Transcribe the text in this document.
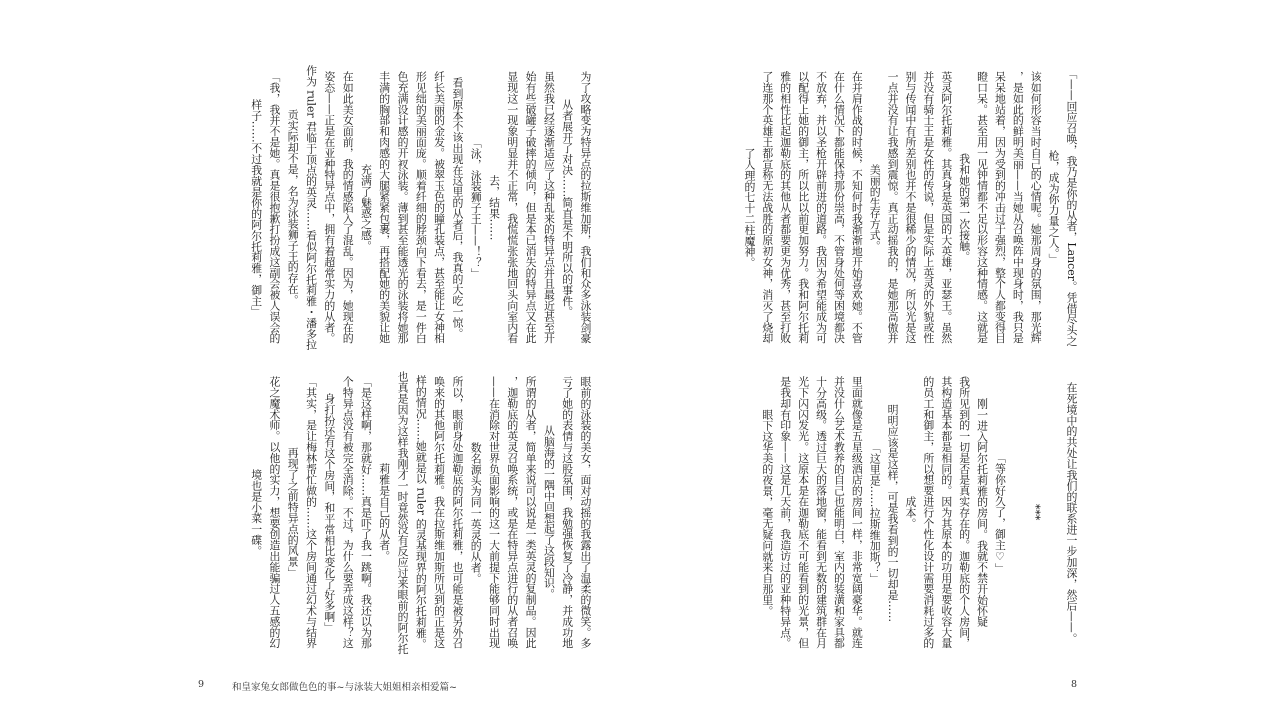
「——回应召唤，我乃是你的从者，Lancer。凭借尽头之
枪，成为你力量之人。」
该如何形容当时自己的心情呢。她那周身的氛围，那光辉
，是如此的鲜明美丽——当她从召唤阵中现身时，我只是
呆呆地站着，因为受到的冲击过于强烈，整个人都变得目
瞪口呆。甚至用一见钟情都不足以形容这种情感。这就是
我和她的第一次接触。
英灵阿尔托莉雅。其真身是英国的大英雄，亚瑟王。虽然
并没有骑士王是女性的传说，但是实际上英灵的外貌或性
别与传闻中有所差别也并不是很稀少的情况，所以光是这
一点并没有让我感到震惊。真正动摇我的，是她那高傲并
美丽的生存方式。
在并肩作战的时候，不知何时我渐渐地开始喜欢她。不管
在什么情况下都能保持那份崇高，不管身处何等困境都决
不放弃，并以圣枪开辟前进的道路。我因为希望能成为可
以配得上她的御主，所以比以前更加努力。我和阿尔托莉
雅的相性比起迦勒底的其他从者都要更为优秀，甚至打败
了连那个英雄王都宣称无法战胜的原初女神，消灭了烧却
了人理的七十二柱魔神。
在死境中的共处让我们的联系进一步加深，然后——。
***
「等你好久了，御主♡」
刚一进入阿尔托莉雅的房间。我就不禁开始怀疑
我所见到的一切是否是真实存在的。迦勒底的个人房间，
其构造基本都是相同的。因为其原本的功用是要收容大量
的员工和御主，所以想要进行个性化设计需要消耗过多的
成本。
明明应该是这样，可是我看到的一切却是……
「这里是……拉斯维加斯？」
里面就像是五星级酒店的房间一样，非常宽阔豪华。就连
并没什么艺术教养的自己也能明白，室内的装潢和家具都
十分高级。透过巨大的落地窗，能看到无数的建筑群在月
光下闪闪发光。这原本是在迦勒底不可能看到的光景，但
是我却有印象——这是几天前，我造访过的亚种特异点。
眼下这华美的夜景，毫无疑问就来自那里。
为了攻略变为特异点的拉斯维加斯，我们和众多泳装剑豪
从者展开了对决……简直是不明所以的事件。
虽然我已经逐渐适应了这种乱来的特异点并且最近甚至开
始有些破罐子破摔的倾向，但是本已消失的特异点又在此
显现这一现象明显并不正常，我慌慌张张地回头向室内看
去，结果……
「泳，泳装狮子王——！？」
看到原本不该出现在这里的从者后，我真的大吃一惊。
纤长美丽的金发。被翠玉色的瞳孔装点，甚至能让女神相
形见绌的美丽面庞。顺着纤细的脖颈向下看去，是一件白
色充满设计感的开衩泳装。薄到甚至能透光的泳装将她那
丰满的胸部和肉感的大腿紧紧包裹，再搭配她的美貌让她
充满了魅惑之感。
在如此美女面前，我的情感陷入了混乱。因为，她现在的
姿态——正是在亚种特异点中，拥有着超常实力的从者。
作为 ruler 君临于顶点的英灵……看似阿尔托莉雅・潘多拉
贡实际却不是，名为泳装狮子王的存在。
「我，我并不是她。真是很抱歉打扮成这副会被人误会的
样子……不过我就是你的阿尔托莉雅，御主」
眼前的泳装的美女，面对动摇的我露出了温柔的微笑。多
亏了她的表情与这股氛围，我勉强恢复了冷静，并成功地
从脑海的一隅中回想起了这段知识。
所谓的从者，简单来说可以说是一类英灵的复制品。因此
，迦勒底的英灵召唤系统，或是在特异点进行的从者召唤
——在消除对世界负面影响的这一大前提下能够同时出现
数名源头为同一英灵的从者。
所以，眼前身处迦勒底的阿尔托莉雅，也可能是被另外召
唤来的其他阿尔托莉雅。我在拉斯维加斯所见到的正是这
样的情况……她就是以 ruler 的灵基现界的阿尔托莉雅。
也真是因为这样我刚才一时竟然没有反应过来眼前的阿尔托
莉雅是自己的从者。
「是这样啊，那就好……真是吓了我一跳啊。我还以为那
个特异点没有被完全消除。不过，为什么要弄成这样？这
身打扮还有这个房间，和平常相比变化了好多啊」
「其实，是让梅林帮忙做的……这个房间通过幻术与结界
再现了之前特异点的风景」
花之魔术师。以他的实力，想要创造出能骗过人五感的幻
境也是小菜一碟。
9	和皇家兔女郎做色色的事~与泳装大姐姐相亲相爱篇~	8
